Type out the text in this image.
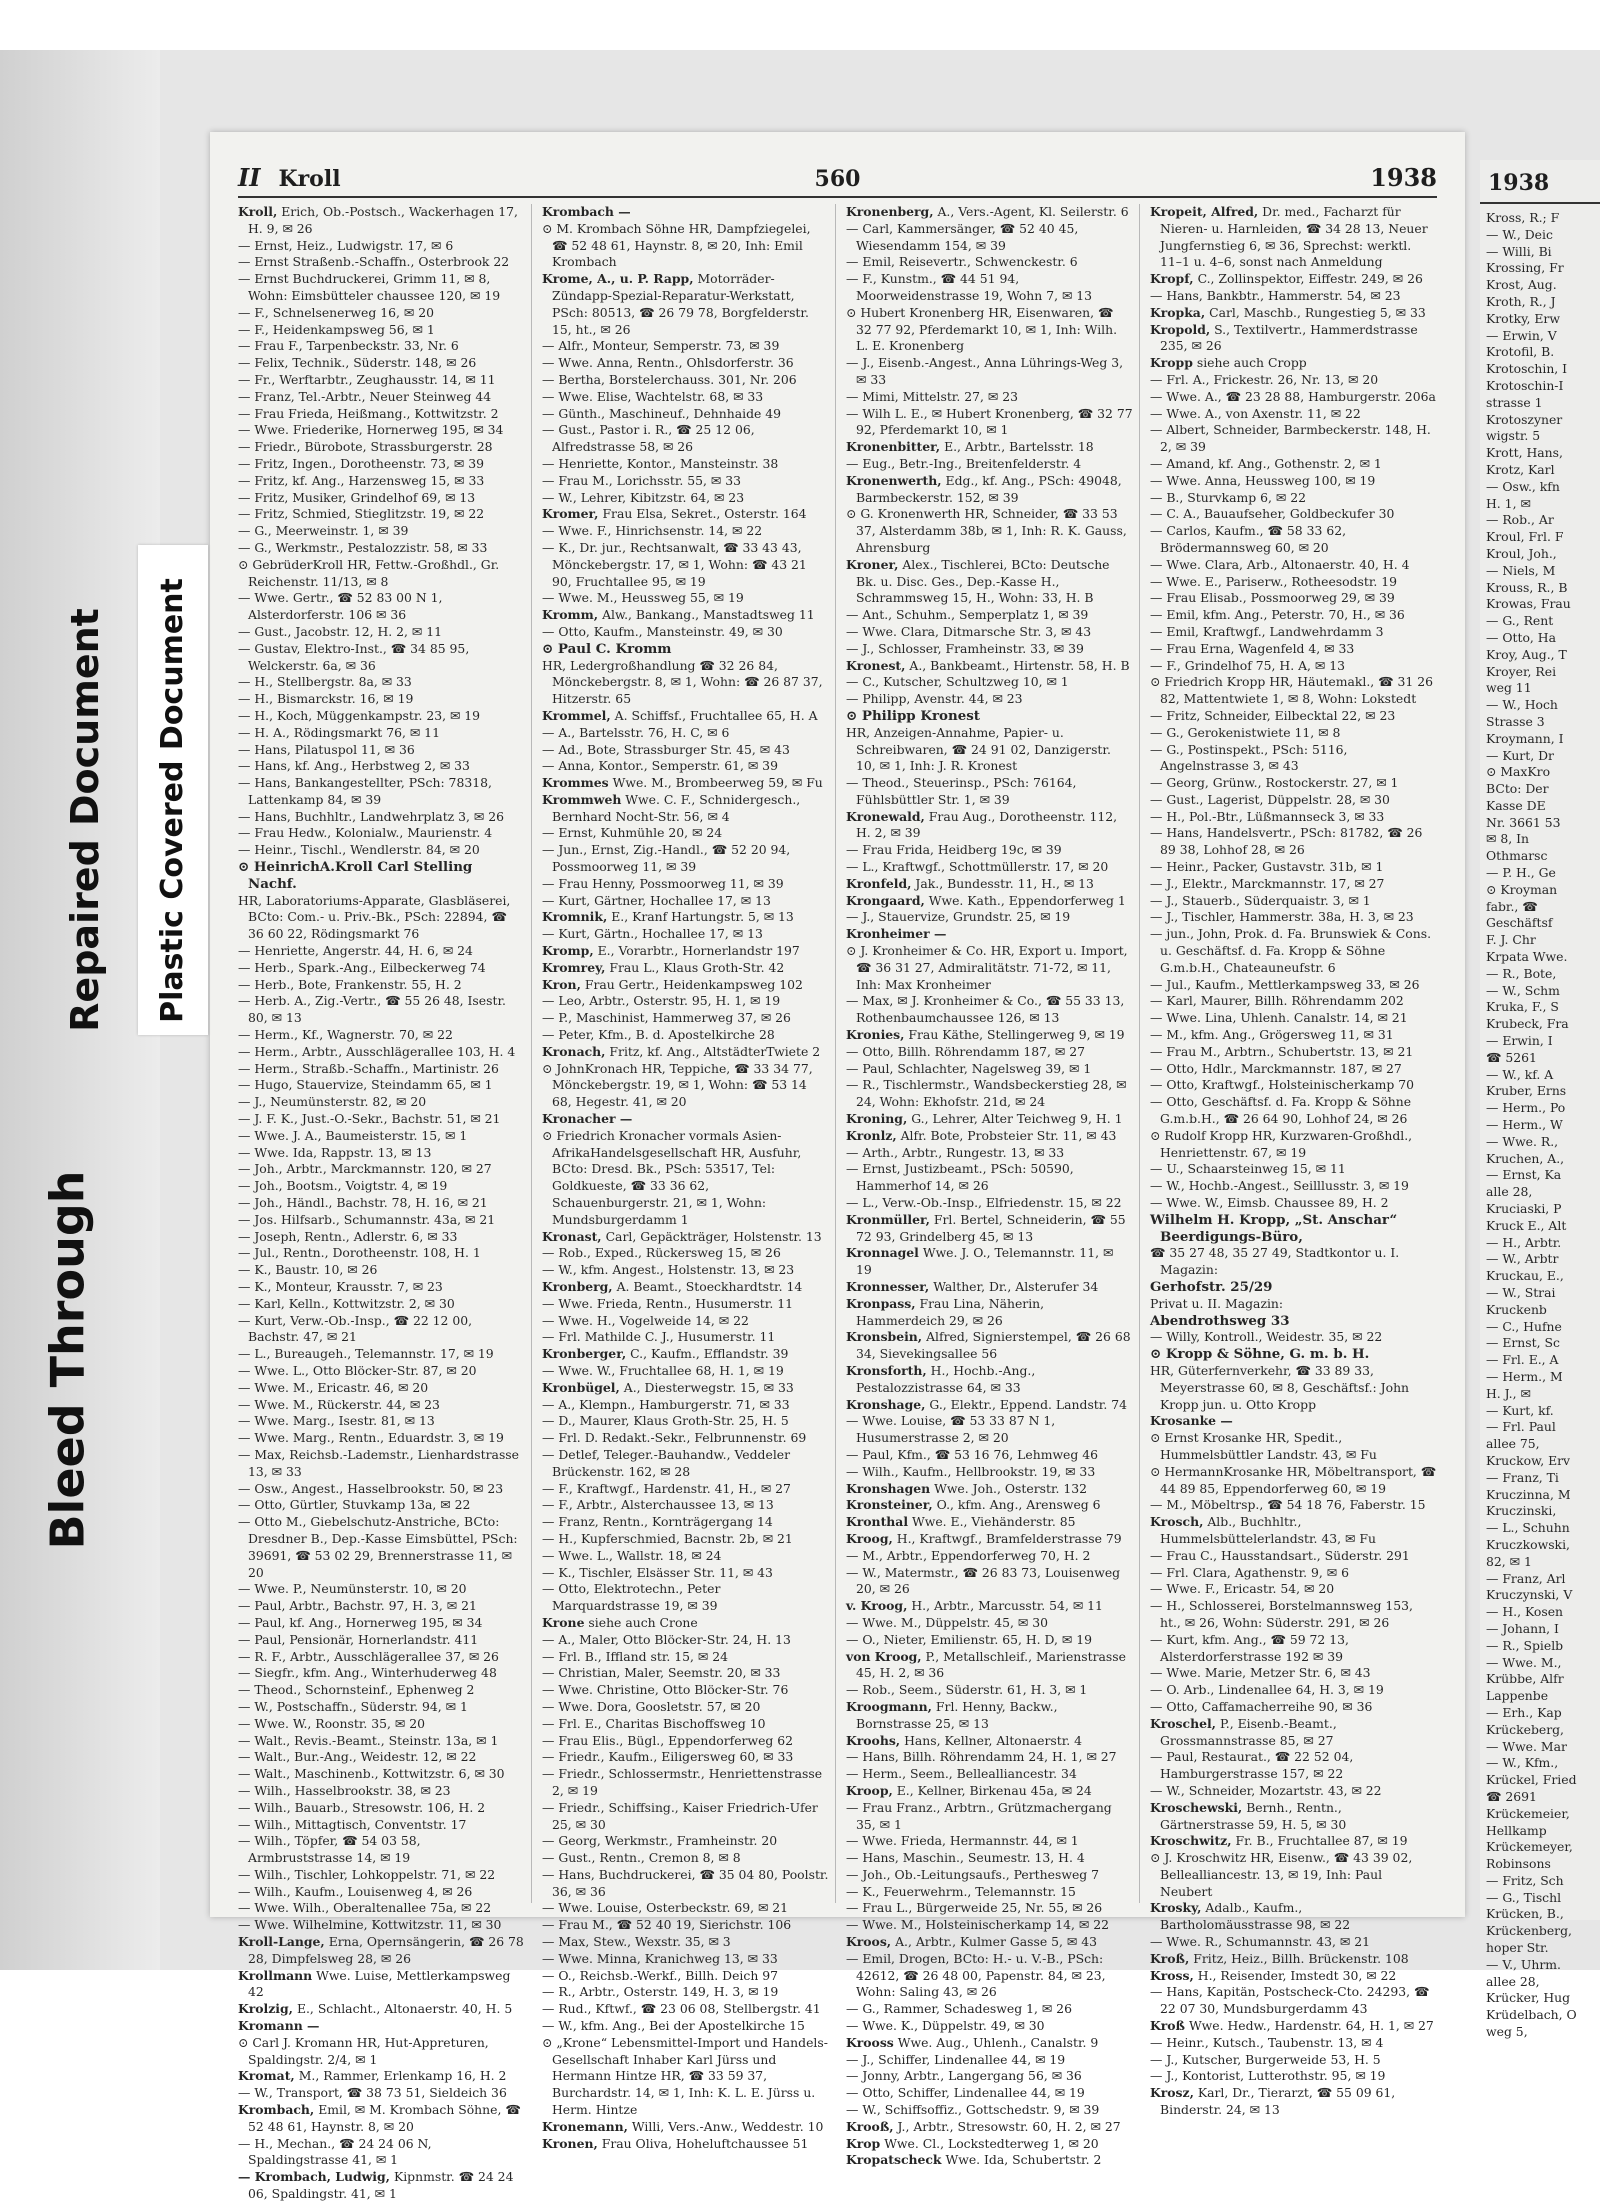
II Kroll	560	1938

Kroll, Erich, Ob.-Postsch., Wackerhagen 17, H. 9, ✉ 26

— Ernst, Heiz., Ludwigstr. 17, ✉ 6

— Ernst Straßenb.-Schaffn., Osterbrook 22

— Ernst Buchdruckerei, Grimm 11, ✉ 8, Wohn: Eimsbütteler chaussee 120, ✉ 19

— F., Schnelsenerweg 16, ✉ 20

— F., Heidenkampsweg 56, ✉ 1

— Frau F., Tarpenbeckstr. 33, Nr. 6

— Felix, Technik., Süderstr. 148, ✉ 26

— Fr., Werftarbtr., Zeughausstr. 14, ✉ 11

— Franz, Tel.-Arbtr., Neuer Steinweg 44

— Frau Frieda, Heißmang., Kottwitzstr. 2

— Wwe. Friederike, Hornerweg 195, ✉ 34

— Friedr., Bürobote, Strassburgerstr. 28

— Fritz, Ingen., Dorotheenstr. 73, ✉ 39

— Fritz, kf. Ang., Harzensweg 15, ✉ 33

— Fritz, Musiker, Grindelhof 69, ✉ 13

— Fritz, Schmied, Stieglitzstr. 19, ✉ 22

— G., Meerweinstr. 1, ✉ 39

— G., Werkmstr., Pestalozzistr. 58, ✉ 33

⊙ GebrüderKroll HR, Fettw.-Großhdl., Gr. Reichenstr. 11/13, ✉ 8

— Wwe. Gertr., ☎ 52 83 00 N 1, Alsterdorferstr. 106 ✉ 36

— Gust., Jacobstr. 12, H. 2, ✉ 11

— Gustav, Elektro-Inst., ☎ 34 85 95, Welckerstr. 6a, ✉ 36

— H., Stellbergstr. 8a, ✉ 33

— H., Bismarckstr. 16, ✉ 19

— H., Koch, Müggenkampstr. 23, ✉ 19

— H. A., Rödingsmarkt 76, ✉ 11

— Hans, Pilatuspol 11, ✉ 36

— Hans, kf. Ang., Herbstweg 2, ✉ 33

— Hans, Bankangestellter, PSch: 78318, Lattenkamp 84, ✉ 39

— Hans, Buchhltr., Landwehrplatz 3, ✉ 26

— Frau Hedw., Kolonialw., Maurienstr. 4

— Heinr., Tischl., Wendlerstr. 84, ✉ 20

⊙ HeinrichA.Kroll Carl Stelling Nachf.

HR, Laboratoriums-Apparate, Glasbläserei, BCto: Com.- u. Priv.-Bk., PSch: 22894, ☎ 36 60 22, Rödingsmarkt 76

— Henriette, Angerstr. 44, H. 6, ✉ 24

— Herb., Spark.-Ang., Eilbeckerweg 74

— Herb., Bote, Frankenstr. 55, H. 2

— Herb. A., Zig.-Vertr., ☎ 55 26 48, Isestr. 80, ✉ 13

— Herm., Kf., Wagnerstr. 70, ✉ 22

— Herm., Arbtr., Ausschlägerallee 103, H. 4

— Herm., Straßb.-Schaffn., Martinistr. 26

— Hugo, Stauervize, Steindamm 65, ✉ 1

— J., Neumünsterstr. 82, ✉ 20

— J. F. K., Just.-O.-Sekr., Bachstr. 51, ✉ 21

— Wwe. J. A., Baumeisterstr. 15, ✉ 1

— Wwe. Ida, Rappstr. 13, ✉ 13

— Joh., Arbtr., Marckmannstr. 120, ✉ 27

— Joh., Bootsm., Voigtstr. 4, ✉ 19

— Joh., Händl., Bachstr. 78, H. 16, ✉ 21

— Jos. Hilfsarb., Schumannstr. 43a, ✉ 21

— Joseph, Rentn., Adlerstr. 6, ✉ 33

— Jul., Rentn., Dorotheenstr. 108, H. 1

— K., Baustr. 10, ✉ 26

— K., Monteur, Krausstr. 7, ✉ 23

— Karl, Kelln., Kottwitzstr. 2, ✉ 30

— Kurt, Verw.-Ob.-Insp., ☎ 22 12 00, Bachstr. 47, ✉ 21

— L., Bureaugeh., Telemannstr. 17, ✉ 19

— Wwe. L., Otto Blöcker-Str. 87, ✉ 20

— Wwe. M., Ericastr. 46, ✉ 20

— Wwe. M., Rückerstr. 44, ✉ 23

— Wwe. Marg., Isestr. 81, ✉ 13

— Wwe. Marg., Rentn., Eduardstr. 3, ✉ 19

— Max, Reichsb.-Lademstr., Lienhardstrasse 13, ✉ 33

— Osw., Angest., Hasselbrookstr. 50, ✉ 23

— Otto, Gürtler, Stuvkamp 13a, ✉ 22

— Otto M., Giebelschutz-Anstriche, BCto: Dresdner B., Dep.-Kasse Eimsbüttel, PSch: 39691, ☎ 53 02 29, Brennerstrasse 11, ✉ 20

— Wwe. P., Neumünsterstr. 10, ✉ 20

— Paul, Arbtr., Bachstr. 97, H. 3, ✉ 21

— Paul, kf. Ang., Hornerweg 195, ✉ 34

— Paul, Pensionär, Hornerlandstr. 411

— R. F., Arbtr., Ausschlägerallee 37, ✉ 26

— Siegfr., kfm. Ang., Winterhuderweg 48

— Theod., Schornsteinf., Ephenweg 2

— W., Postschaffn., Süderstr. 94, ✉ 1

— Wwe. W., Roonstr. 35, ✉ 20

— Walt., Revis.-Beamt., Steinstr. 13a, ✉ 1

— Walt., Bur.-Ang., Weidestr. 12, ✉ 22

— Walt., Maschinenb., Kottwitzstr. 6, ✉ 30

— Wilh., Hasselbrookstr. 38, ✉ 23

— Wilh., Bauarb., Stresowstr. 106, H. 2

— Wilh., Mittagtisch, Conventstr. 17

— Wilh., Töpfer, ☎ 54 03 58, Armbruststrasse 14, ✉ 19

— Wilh., Tischler, Lohkoppelstr. 71, ✉ 22

— Wilh., Kaufm., Louisenweg 4, ✉ 26

— Wwe. Wilh., Oberaltenallee 75a, ✉ 22

— Wwe. Wilhelmine, Kottwitzstr. 11, ✉ 30

Kroll-Lange, Erna, Opernsängerin, ☎ 26 78 28, Dimpfelsweg 28, ✉ 26

Krollmann Wwe. Luise, Mettlerkampsweg 42

Krolzig, E., Schlacht., Altonaerstr. 40, H. 5

Kromann —

⊙ Carl J. Kromann HR, Hut-Appreturen, Spaldingstr. 2/4, ✉ 1

Kromat, M., Rammer, Erlenkamp 16, H. 2

— W., Transport, ☎ 38 73 51, Sieldeich 36

Krombach, Emil, ✉ M. Krombach Söhne, ☎ 52 48 61, Haynstr. 8, ✉ 20

— H., Mechan., ☎ 24 24 06 N, Spaldingstrasse 41, ✉ 1

— Krombach, Ludwig, Kipnmstr. ☎ 24 24 06, Spaldingstr. 41, ✉ 1

Krombach —

⊙ M. Krombach Söhne HR, Dampfziegelei, ☎ 52 48 61, Haynstr. 8, ✉ 20, Inh: Emil Krombach

Krome, A., u. P. Rapp, Motorräder-Zündapp-Spezial-Reparatur-Werkstatt, PSch: 80513, ☎ 26 79 78, Borgfelderstr. 15, ht., ✉ 26

— Alfr., Monteur, Semperstr. 73, ✉ 39

— Wwe. Anna, Rentn., Ohlsdorferstr. 36

— Bertha, Borstelerchauss. 301, Nr. 206

— Wwe. Elise, Wachtelstr. 68, ✉ 33

— Günth., Maschineuf., Dehnhaide 49

— Gust., Pastor i. R., ☎ 25 12 06, Alfredstrasse 58, ✉ 26

— Henriette, Kontor., Mansteinstr. 38

— Frau M., Lorichsstr. 55, ✉ 33

— W., Lehrer, Kibitzstr. 64, ✉ 23

Kromer, Frau Elsa, Sekret., Osterstr. 164

— Wwe. F., Hinrichsenstr. 14, ✉ 22

— K., Dr. jur., Rechtsanwalt, ☎ 33 43 43, Mönckebergstr. 17, ✉ 1, Wohn: ☎ 43 21 90, Fruchtallee 95, ✉ 19

— Wwe. M., Heussweg 55, ✉ 19

Kromm, Alw., Bankang., Manstadtsweg 11

— Otto, Kaufm., Mansteinstr. 49, ✉ 30

⊙ Paul C. Kromm

HR, Ledergroßhandlung ☎ 32 26 84, Mönckebergstr. 8, ✉ 1, Wohn: ☎ 26 87 37, Hitzerstr. 65

Krommel, A. Schiffsf., Fruchtallee 65, H. A

— A., Bartelsstr. 76, H. C, ✉ 6

— Ad., Bote, Strassburger Str. 45, ✉ 43

— Anna, Kontor., Semperstr. 61, ✉ 39

Krommes Wwe. M., Brombeerweg 59, ✉ Fu

Krommweh Wwe. C. F., Schnidergesch., Bernhard Nocht-Str. 56, ✉ 4

— Ernst, Kuhmühle 20, ✉ 24

— Jun., Ernst, Zig.-Handl., ☎ 52 20 94, Possmoorweg 11, ✉ 39

— Frau Henny, Possmoorweg 11, ✉ 39

— Kurt, Gärtner, Hochallee 17, ✉ 13

Kromnik, E., Kranf Hartungstr. 5, ✉ 13

— Kurt, Gärtn., Hochallee 17, ✉ 13

Kromp, E., Vorarbtr., Hornerlandstr 197

Kromrey, Frau L., Klaus Groth-Str. 42

Kron, Frau Gertr., Heidenkampsweg 102

— Leo, Arbtr., Osterstr. 95, H. 1, ✉ 19

— P., Maschinist, Hammerweg 37, ✉ 26

— Peter, Kfm., B. d. Apostelkirche 28

Kronach, Fritz, kf. Ang., AltstädterTwiete 2

⊙ JohnKronach HR, Teppiche, ☎ 33 34 77, Mönckebergstr. 19, ✉ 1, Wohn: ☎ 53 14 68, Hegestr. 41, ✉ 20

Kronacher —

⊙ Friedrich Kronacher vormals Asien-AfrikaHandelsgesellschaft HR, Ausfuhr, BCto: Dresd. Bk., PSch: 53517, Tel: Goldkueste, ☎ 33 36 62, Schauenburgerstr. 21, ✉ 1, Wohn: Mundsburgerdamm 1

Kronast, Carl, Gepäckträger, Holstenstr. 13

— Rob., Exped., Rückersweg 15, ✉ 26

— W., kfm. Angest., Holstenstr. 13, ✉ 23

Kronberg, A. Beamt., Stoeckhardtstr. 14

— Wwe. Frieda, Rentn., Husumerstr. 11

— Wwe. H., Vogelweide 14, ✉ 22

— Frl. Mathilde C. J., Husumerstr. 11

Kronberger, C., Kaufm., Efflandstr. 39

— Wwe. W., Fruchtallee 68, H. 1, ✉ 19

Kronbügel, A., Diesterwegstr. 15, ✉ 33

— A., Klempn., Hamburgerstr. 71, ✉ 33

— D., Maurer, Klaus Groth-Str. 25, H. 5

— Frl. D. Redakt.-Sekr., Felbrunnenstr. 69

— Detlef, Teleger.-Bauhandw., Veddeler Brückenstr. 162, ✉ 28

— F., Kraftwgf., Hardenstr. 41, H., ✉ 27

— F., Arbtr., Alsterchaussee 13, ✉ 13

— Franz, Rentn., Kornträgergang 14

— H., Kupferschmied, Bacnstr. 2b, ✉ 21

— Wwe. L., Wallstr. 18, ✉ 24

— K., Tischler, Elsässer Str. 11, ✉ 43

— Otto, Elektrotechn., Peter Marquardstrasse 19, ✉ 39

Krone siehe auch Crone

— A., Maler, Otto Blöcker-Str. 24, H. 13

— Frl. B., Iffland str. 15, ✉ 24

— Christian, Maler, Seemstr. 20, ✉ 33

— Wwe. Christine, Otto Blöcker-Str. 76

— Wwe. Dora, Goosletstr. 57, ✉ 20

— Frl. E., Charitas Bischoffsweg 10

— Frau Elis., Bügl., Eppendorferweg 62

— Friedr., Kaufm., Eiligersweg 60, ✉ 33

— Friedr., Schlossermstr., Henriettenstrasse 2, ✉ 19

— Friedr., Schiffsing., Kaiser Friedrich-Ufer 25, ✉ 30

— Georg, Werkmstr., Framheinstr. 20

— Gust., Rentn., Cremon 8, ✉ 8

— Hans, Buchdruckerei, ☎ 35 04 80, Poolstr. 36, ✉ 36

— Wwe. Louise, Osterbeckstr. 69, ✉ 21

— Frau M., ☎ 52 40 19, Sierichstr. 106

— Max, Stew., Wexstr. 35, ✉ 3

— Wwe. Minna, Kranichweg 13, ✉ 33

— O., Reichsb.-Werkf., Billh. Deich 97

— R., Arbtr., Osterstr. 149, H. 3, ✉ 19

— Rud., Kftwf., ☎ 23 06 08, Stellbergstr. 41

— W., kfm. Ang., Bei der Apostelkirche 15

⊙ „Krone“ Lebensmittel-Import und Handels-Gesellschaft Inhaber Karl Jürss und Hermann Hintze HR, ☎ 33 59 37, Burchardstr. 14, ✉ 1, Inh: K. L. E. Jürss u. Herm. Hintze

Kronemann, Willi, Vers.-Anw., Weddestr. 10

Kronen, Frau Oliva, Hoheluftchaussee 51

Kronenberg, A., Vers.-Agent, Kl. Seilerstr. 6

— Carl, Kammersänger, ☎ 52 40 45, Wiesendamm 154, ✉ 39

— Emil, Reisevertr., Schwenckestr. 6

— F., Kunstm., ☎ 44 51 94, Moorweidenstrasse 19, Wohn 7, ✉ 13

⊙ Hubert Kronenberg HR, Eisenwaren, ☎ 32 77 92, Pferdemarkt 10, ✉ 1, Inh: Wilh. L. E. Kronenberg

— J., Eisenb.-Angest., Anna Lührings-Weg 3, ✉ 33

— Mimi, Mittelstr. 27, ✉ 23

— Wilh L. E., ✉ Hubert Kronenberg, ☎ 32 77 92, Pferdemarkt 10, ✉ 1

Kronenbitter, E., Arbtr., Bartelsstr. 18

— Eug., Betr.-Ing., Breitenfelderstr. 4

Kronenwerth, Edg., kf. Ang., PSch: 49048, Barmbeckerstr. 152, ✉ 39

⊙ G. Kronenwerth HR, Schneider, ☎ 33 53 37, Alsterdamm 38b, ✉ 1, Inh: R. K. Gauss, Ahrensburg

Kroner, Alex., Tischlerei, BCto: Deutsche Bk. u. Disc. Ges., Dep.-Kasse H., Schrammsweg 15, H., Wohn: 33, H. B

— Ant., Schuhm., Semperplatz 1, ✉ 39

— Wwe. Clara, Ditmarsche Str. 3, ✉ 43

— J., Schlosser, Framheinstr. 33, ✉ 39

Kronest, A., Bankbeamt., Hirtenstr. 58, H. B

— C., Kutscher, Schultzweg 10, ✉ 1

— Philipp, Avenstr. 44, ✉ 23

⊙ Philipp Kronest

HR, Anzeigen-Annahme, Papier- u. Schreibwaren, ☎ 24 91 02, Danzigerstr. 10, ✉ 1, Inh: J. R. Kronest

— Theod., Steuerinsp., PSch: 76164, Fühlsbüttler Str. 1, ✉ 39

Kronewald, Frau Aug., Dorotheenstr. 112, H. 2, ✉ 39

— Frau Frida, Heidberg 19c, ✉ 39

— L., Kraftwgf., Schottmüllerstr. 17, ✉ 20

Kronfeld, Jak., Bundesstr. 11, H., ✉ 13

Krongaard, Wwe. Kath., Eppendorferweg 1

— J., Stauervize, Grundstr. 25, ✉ 19

Kronheimer —

⊙ J. Kronheimer & Co. HR, Export u. Import, ☎ 36 31 27, Admiralitätstr. 71-72, ✉ 11, Inh: Max Kronheimer

— Max, ✉ J. Kronheimer & Co., ☎ 55 33 13, Rothenbaumchaussee 126, ✉ 13

Kronies, Frau Käthe, Stellingerweg 9, ✉ 19

— Otto, Billh. Röhrendamm 187, ✉ 27

— Paul, Schlachter, Nagelsweg 39, ✉ 1

— R., Tischlermstr., Wandsbeckerstieg 28, ✉ 24, Wohn: Ekhofstr. 21d, ✉ 24

Kroning, G., Lehrer, Alter Teichweg 9, H. 1

Kronlz, Alfr. Bote, Probsteier Str. 11, ✉ 43

— Arth., Arbtr., Rungestr. 13, ✉ 33

— Ernst, Justizbeamt., PSch: 50590, Hammerhof 14, ✉ 26

— L., Verw.-Ob.-Insp., Elfriedenstr. 15, ✉ 22

Kronmüller, Frl. Bertel, Schneiderin, ☎ 55 72 93, Grindelberg 45, ✉ 13

Kronnagel Wwe. J. O., Telemannstr. 11, ✉ 19

Kronnesser, Walther, Dr., Alsterufer 34

Kronpass, Frau Lina, Näherin, Hammerdeich 29, ✉ 26

Kronsbein, Alfred, Signierstempel, ☎ 26 68 34, Sievekingsallee 56

Kronsforth, H., Hochb.-Ang., Pestalozzistrasse 64, ✉ 33

Kronshage, G., Elektr., Eppend. Landstr. 74

— Wwe. Louise, ☎ 53 33 87 N 1, Husumerstrasse 2, ✉ 20

— Paul, Kfm., ☎ 53 16 76, Lehmweg 46

— Wilh., Kaufm., Hellbrookstr. 19, ✉ 33

Kronshagen Wwe. Joh., Osterstr. 132

Kronsteiner, O., kfm. Ang., Arensweg 6

Kronthal Wwe. E., Viehänderstr. 85

Kroog, H., Kraftwgf., Bramfelderstrasse 79

— M., Arbtr., Eppendorferweg 70, H. 2

— W., Matermstr., ☎ 26 83 73, Louisenweg 20, ✉ 26

v. Kroog, H., Arbtr., Marcusstr. 54, ✉ 11

— Wwe. M., Düppelstr. 45, ✉ 30

— O., Nieter, Emilienstr. 65, H. D, ✉ 19

von Kroog, P., Metallschleif., Marienstrasse 45, H. 2, ✉ 36

— Rob., Seem., Süderstr. 61, H. 3, ✉ 1

Kroogmann, Frl. Henny, Backw., Bornstrasse 25, ✉ 13

Kroohs, Hans, Kellner, Altonaerstr. 4

— Hans, Billh. Röhrendamm 24, H. 1, ✉ 27

— Herm., Seem., Bellealliancestr. 34

Kroop, E., Kellner, Birkenau 45a, ✉ 24

— Frau Franz., Arbtrn., Grützmachergang 35, ✉ 1

— Wwe. Frieda, Hermannstr. 44, ✉ 1

— Hans, Maschin., Seumestr. 13, H. 4

— Joh., Ob.-Leitungsaufs., Perthesweg 7

— K., Feuerwehrm., Telemannstr. 15

— Frau L., Bürgerweide 25, Nr. 55, ✉ 26

— Wwe. M., Holsteinischerkamp 14, ✉ 22

Kroos, A., Arbtr., Kulmer Gasse 5, ✉ 43

— Emil, Drogen, BCto: H.- u. V.-B., PSch: 42612, ☎ 26 48 00, Papenstr. 84, ✉ 23, Wohn: Saling 43, ✉ 26

— G., Rammer, Schadesweg 1, ✉ 26

— Wwe. K., Düppelstr. 49, ✉ 30

Krooss Wwe. Aug., Uhlenh., Canalstr. 9

— J., Schiffer, Lindenallee 44, ✉ 19

— Jonny, Arbtr., Langergang 56, ✉ 36

— Otto, Schiffer, Lindenallee 44, ✉ 19

— W., Schiffsoffiz., Gottschedstr. 9, ✉ 39

Krooß, J., Arbtr., Stresowstr. 60, H. 2, ✉ 27

Krop Wwe. Cl., Lockstedterweg 1, ✉ 20

Kropatscheck Wwe. Ida, Schubertstr. 2

Kropeit, Alfred, Dr. med., Facharzt für Nieren- u. Harnleiden, ☎ 34 28 13, Neuer Jungfernstieg 6, ✉ 36, Sprechst: werktl. 11–1 u. 4–6, sonst nach Anmeldung

Kropf, C., Zollinspektor, Eiffestr. 249, ✉ 26

— Hans, Bankbtr., Hammerstr. 54, ✉ 23

Kropka, Carl, Maschb., Rungestieg 5, ✉ 33

Kropold, S., Textilvertr., Hammerdstrasse 235, ✉ 26

Kropp siehe auch Cropp

— Frl. A., Frickestr. 26, Nr. 13, ✉ 20

— Wwe. A., ☎ 23 28 88, Hamburgerstr. 206a

— Wwe. A., von Axenstr. 11, ✉ 22

— Albert, Schneider, Barmbeckerstr. 148, H. 2, ✉ 39

— Amand, kf. Ang., Gothenstr. 2, ✉ 1

— Wwe. Anna, Heussweg 100, ✉ 19

— B., Sturvkamp 6, ✉ 22

— C. A., Bauaufseher, Goldbeckufer 30

— Carlos, Kaufm., ☎ 58 33 62, Brödermannsweg 60, ✉ 20

— Wwe. Clara, Arb., Altonaerstr. 40, H. 4

— Wwe. E., Pariserw., Rotheesodstr. 19

— Frau Elisab., Possmoorweg 29, ✉ 39

— Emil, kfm. Ang., Peterstr. 70, H., ✉ 36

— Emil, Kraftwgf., Landwehrdamm 3

— Frau Erna, Wagenfeld 4, ✉ 33

— F., Grindelhof 75, H. A, ✉ 13

⊙ Friedrich Kropp HR, Häutemakl., ☎ 31 26 82, Mattentwiete 1, ✉ 8, Wohn: Lokstedt

— Fritz, Schneider, Eilbecktal 22, ✉ 23

— G., Gerokenistwiete 11, ✉ 8

— G., Postinspekt., PSch: 5116, Angelnstrasse 3, ✉ 43

— Georg, Grünw., Rostockerstr. 27, ✉ 1

— Gust., Lagerist, Düppelstr. 28, ✉ 30

— H., Pol.-Btr., Lüßmannseck 3, ✉ 33

— Hans, Handelsvertr., PSch: 81782, ☎ 26 89 38, Lohhof 28, ✉ 26

— Heinr., Packer, Gustavstr. 31b, ✉ 1

— J., Elektr., Marckmannstr. 17, ✉ 27

— J., Stauerb., Süderquaistr. 3, ✉ 1

— J., Tischler, Hammerstr. 38a, H. 3, ✉ 23

— jun., John, Prok. d. Fa. Brunswiek & Cons. u. Geschäftsf. d. Fa. Kropp & Söhne G.m.b.H., Chateauneufstr. 6

— Jul., Kaufm., Mettlerkampsweg 33, ✉ 26

— Karl, Maurer, Billh. Röhrendamm 202

— Wwe. Lina, Uhlenh. Canalstr. 14, ✉ 21

— M., kfm. Ang., Grögersweg 11, ✉ 31

— Frau M., Arbtrn., Schubertstr. 13, ✉ 21

— Otto, Hdlr., Marckmannstr. 187, ✉ 27

— Otto, Kraftwgf., Holsteinischerkamp 70

— Otto, Geschäftsf. d. Fa. Kropp & Söhne G.m.b.H., ☎ 26 64 90, Lohhof 24, ✉ 26

⊙ Rudolf Kropp HR, Kurzwaren-Großhdl., Henriettenstr. 67, ✉ 19

— U., Schaarsteinweg 15, ✉ 11

— W., Hochb.-Angest., Seilllusstr. 3, ✉ 19

— Wwe. W., Eimsb. Chaussee 89, H. 2

Wilhelm H. Kropp, „St. Anschar“ Beerdigungs-Büro,

☎ 35 27 48, 35 27 49, Stadtkontor u. I. Magazin:

Gerhofstr. 25/29

Privat u. II. Magazin:

Abendrothsweg 33

— Willy, Kontroll., Weidestr. 35, ✉ 22

⊙ Kropp & Söhne, G. m. b. H.

HR, Güterfernverkehr, ☎ 33 89 33, Meyerstrasse 60, ✉ 8, Geschäftsf.: John Kropp jun. u. Otto Kropp

Krosanke —

⊙ Ernst Krosanke HR, Spedit., Hummelsbüttler Landstr. 43, ✉ Fu

⊙ HermannKrosanke HR, Möbeltransport, ☎ 44 89 85, Eppendorferweg 60, ✉ 19

— M., Möbeltrsp., ☎ 54 18 76, Faberstr. 15

Krosch, Alb., Buchhltr., Hummelsbüttelerlandstr. 43, ✉ Fu

— Frau C., Hausstandsart., Süderstr. 291

— Frl. Clara, Agathenstr. 9, ✉ 6

— Wwe. F., Ericastr. 54, ✉ 20

— H., Schlosserei, Borstelmannsweg 153, ht., ✉ 26, Wohn: Süderstr. 291, ✉ 26

— Kurt, kfm. Ang., ☎ 59 72 13, Alsterdorferstrasse 192 ✉ 39

— Wwe. Marie, Metzer Str. 6, ✉ 43

— O. Arb., Lindenallee 64, H. 3, ✉ 19

— Otto, Caffamacherreihe 90, ✉ 36

Kroschel, P., Eisenb.-Beamt., Grossmannstrasse 85, ✉ 27

— Paul, Restaurat., ☎ 22 52 04, Hamburgerstrasse 157, ✉ 22

— W., Schneider, Mozartstr. 43, ✉ 22

Kroschewski, Bernh., Rentn., Gärtnerstrasse 59, H. 5, ✉ 30

Kroschwitz, Fr. B., Fruchtallee 87, ✉ 19

⊙ J. Kroschwitz HR, Eisenw., ☎ 43 39 02, Bellealliancestr. 13, ✉ 19, Inh: Paul Neubert

Krosky, Adalb., Kaufm., Bartholomäusstrasse 98, ✉ 22

— Wwe. R., Schumannstr. 43, ✉ 21

Kroß, Fritz, Heiz., Billh. Brückenstr. 108

Kross, H., Reisender, Imstedt 30, ✉ 22

— Hans, Kapitän, Postscheck-Cto. 24293, ☎ 22 07 30, Mundsburgerdamm 43

Kroß Wwe. Hedw., Hardenstr. 64, H. 1, ✉ 27

— Heinr., Kutsch., Taubenstr. 13, ✉ 4

— J., Kutscher, Burgerweide 53, H. 5

— J., Kontorist, Lutterothstr. 95, ✉ 19

Krosz, Karl, Dr., Tierarzt, ☎ 55 09 61, Binderstr. 24, ✉ 13

1938
Kross, R.; F
— W., Deic
— Willi, Bi
Krossing, Fr
Krost, Aug.
Kroth, R., J
Krotky, Erw
— Erwin, V
Krotofil, B.
Krotoschin, I
Krotoschin-I
strasse 1
Krotoszyner
wigstr. 5
Krott, Hans,
Krotz, Karl
— Osw., kfn
H. 1, ✉
— Rob., Ar
Kroul, Frl. F
Kroul, Joh.,
— Niels, M
Krouss, R., B
Krowas, Frau
— G., Rent
— Otto, Ha
Kroy, Aug., T
Kroyer, Rei
weg 11
— W., Hoch
Strasse 3
Kroymann, I
— Kurt, Dr
⊙ MaxKro
BCto: Der
Kasse DE
Nr. 3661 53
✉ 8, In
Othmarsc
— P. H., Ge
⊙ Kroyman
fabr., ☎
Geschäftsf
F. J. Chr
Krpata Wwe.
— R., Bote,
— W., Schm
Kruka, F., S
Krubeck, Fra
— Erwin, I
☎ 5261
— W., kf. A
Kruber, Erns
— Herm., Po
— Herm., W
— Wwe. R.,
Kruchen, A.,
— Ernst, Ka
alle 28,
Kruciaski, P
Kruck E., Alt
— H., Arbtr.
— W., Arbtr
Kruckau, E.,
— W., Strai
Kruckenb
— C., Hufne
— Ernst, Sc
— Frl. E., A
— Herm., M
H. J., ✉
— Kurt, kf.
— Frl. Paul
allee 75,
Kruckow, Erv
— Franz, Ti
Kruczinna, M
Kruczinski,
— L., Schuhn
Kruczkowski,
82, ✉ 1
— Franz, Arl
Kruczynski, V
— H., Kosen
— Johann, I
— R., Spielb
— Wwe. M.,
Krübbe, Alfr
Lappenbe
— Erh., Kap
Krückeberg,
— Wwe. Mar
— W., Kfm.,
Krückel, Fried
☎ 2691
Krückemeier,
Hellkamp
Krückemeyer,
Robinsons
— Fritz, Sch
— G., Tischl
Krücken, B.,
Krückenberg,
hoper Str.
— V., Uhrm.
allee 28,
Krücker, Hug
Krüdelbach, O
weg 5,
Bleed Through
Repaired Document Plastic Covered Document
